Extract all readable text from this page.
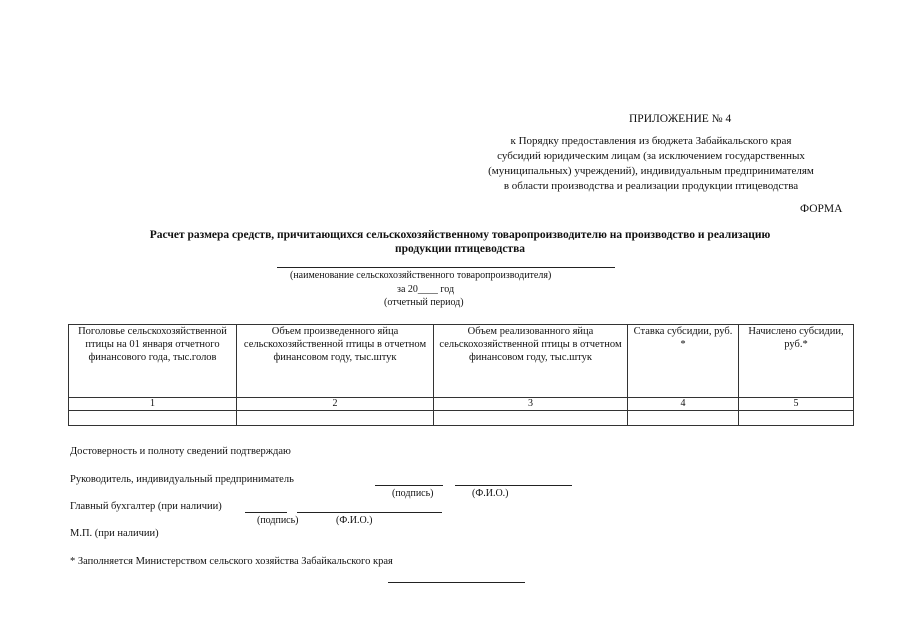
ПРИЛОЖЕНИЕ № 4
к Порядку предоставления из бюджета Забайкальского края
субсидий юридическим лицам (за исключением государственных
(муниципальных) учреждений), индивидуальным предпринимателям
в области производства и реализации продукции птицеводства
ФОРМА
Расчет размера средств, причитающихся сельскохозяйственному товаропроизводителю на производство и реализацию
продукции птицеводства
(наименование сельскохозяйственного товаропроизводителя)
за 20____ год
(отчетный период)
Поголовье сельскохозяйственной птицы на 01 января отчетного финансового года, тыс.голов	Объем произведенного яйца сельскохозяйственной птицы в отчетном финансовом году, тыс.штук	Объем реализованного яйца сельскохозяйственной птицы в отчетном финансовом году, тыс.штук	Ставка субсидии, руб. *	Начислено субсидии, руб.*
1	2	3	4	5

Достоверность и полноту сведений подтверждаю
Руководитель, индивидуальный предприниматель
(подпись)	(Ф.И.О.)
Главный бухгалтер (при наличии)
(подпись)	(Ф.И.О.)
М.П. (при наличии)
* Заполняется Министерством сельского хозяйства Забайкальского края
